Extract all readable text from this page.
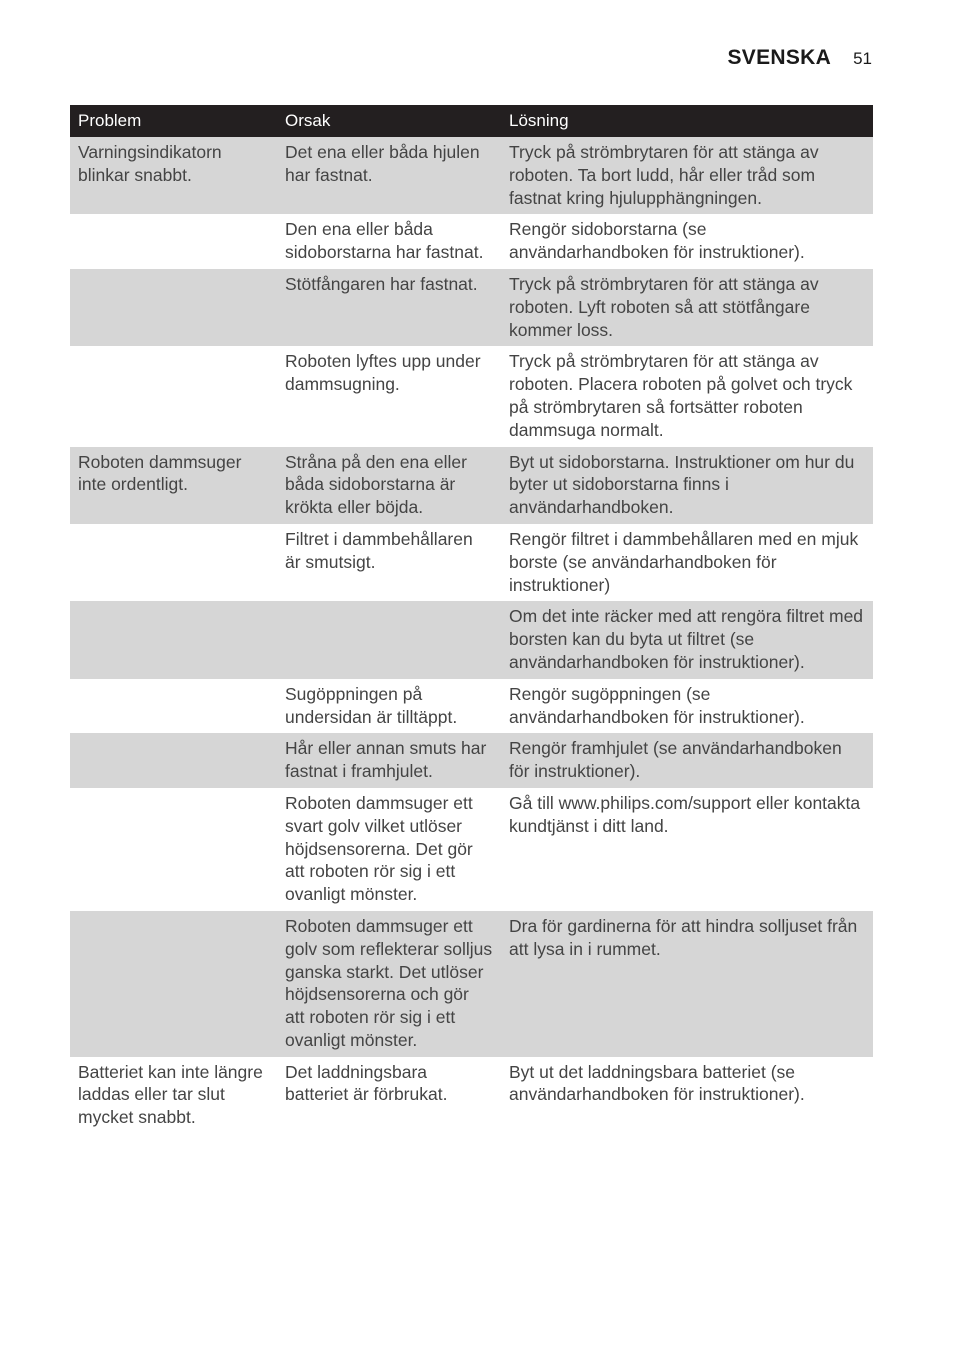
SVENSKA 51
Problem	Orsak	Lösning
Varningsindikatorn blinkar snabbt.	Det ena eller båda hjulen har fastnat.	Tryck på strömbrytaren för att stänga av roboten. Ta bort ludd, hår eller tråd som fastnat kring hjulupphängningen.
	Den ena eller båda sidoborstarna har fastnat.	Rengör sidoborstarna (se användarhandboken för instruktioner).
	Stötfångaren har fastnat.	Tryck på strömbrytaren för att stänga av roboten. Lyft roboten så att stötfångare kommer loss.
	Roboten lyftes upp under dammsugning.	Tryck på strömbrytaren för att stänga av roboten. Placera roboten på golvet och tryck på strömbrytaren så fortsätter roboten dammsuga normalt.
Roboten dammsuger inte ordentligt.	Stråna på den ena eller båda sidoborstarna är krökta eller böjda.	Byt ut sidoborstarna. Instruktioner om hur du byter ut sidoborstarna finns i användarhandboken.
	Filtret i dammbehållaren är smutsigt.	Rengör filtret i dammbehållaren med en mjuk borste (se användarhandboken för instruktioner)
		Om det inte räcker med att rengöra filtret med borsten kan du byta ut filtret (se användarhandboken för instruktioner).
	Sugöppningen på undersidan är tilltäppt.	Rengör sugöppningen (se användarhandboken för instruktioner).
	Hår eller annan smuts har fastnat i framhjulet.	Rengör framhjulet (se användarhandboken för instruktioner).
	Roboten dammsuger ett svart golv vilket utlöser höjdsensorerna. Det gör att roboten rör sig i ett ovanligt mönster.	Gå till www.philips.com/support eller kontakta kundtjänst i ditt land.
	Roboten dammsuger ett golv som reflekterar solljus ganska starkt. Det utlöser höjdsensorerna och gör att roboten rör sig i ett ovanligt mönster.	Dra för gardinerna för att hindra solljuset från att lysa in i rummet.
Batteriet kan inte längre laddas eller tar slut mycket snabbt.	Det laddningsbara batteriet är förbrukat.	Byt ut det laddningsbara batteriet (se användarhandboken för instruktioner).
